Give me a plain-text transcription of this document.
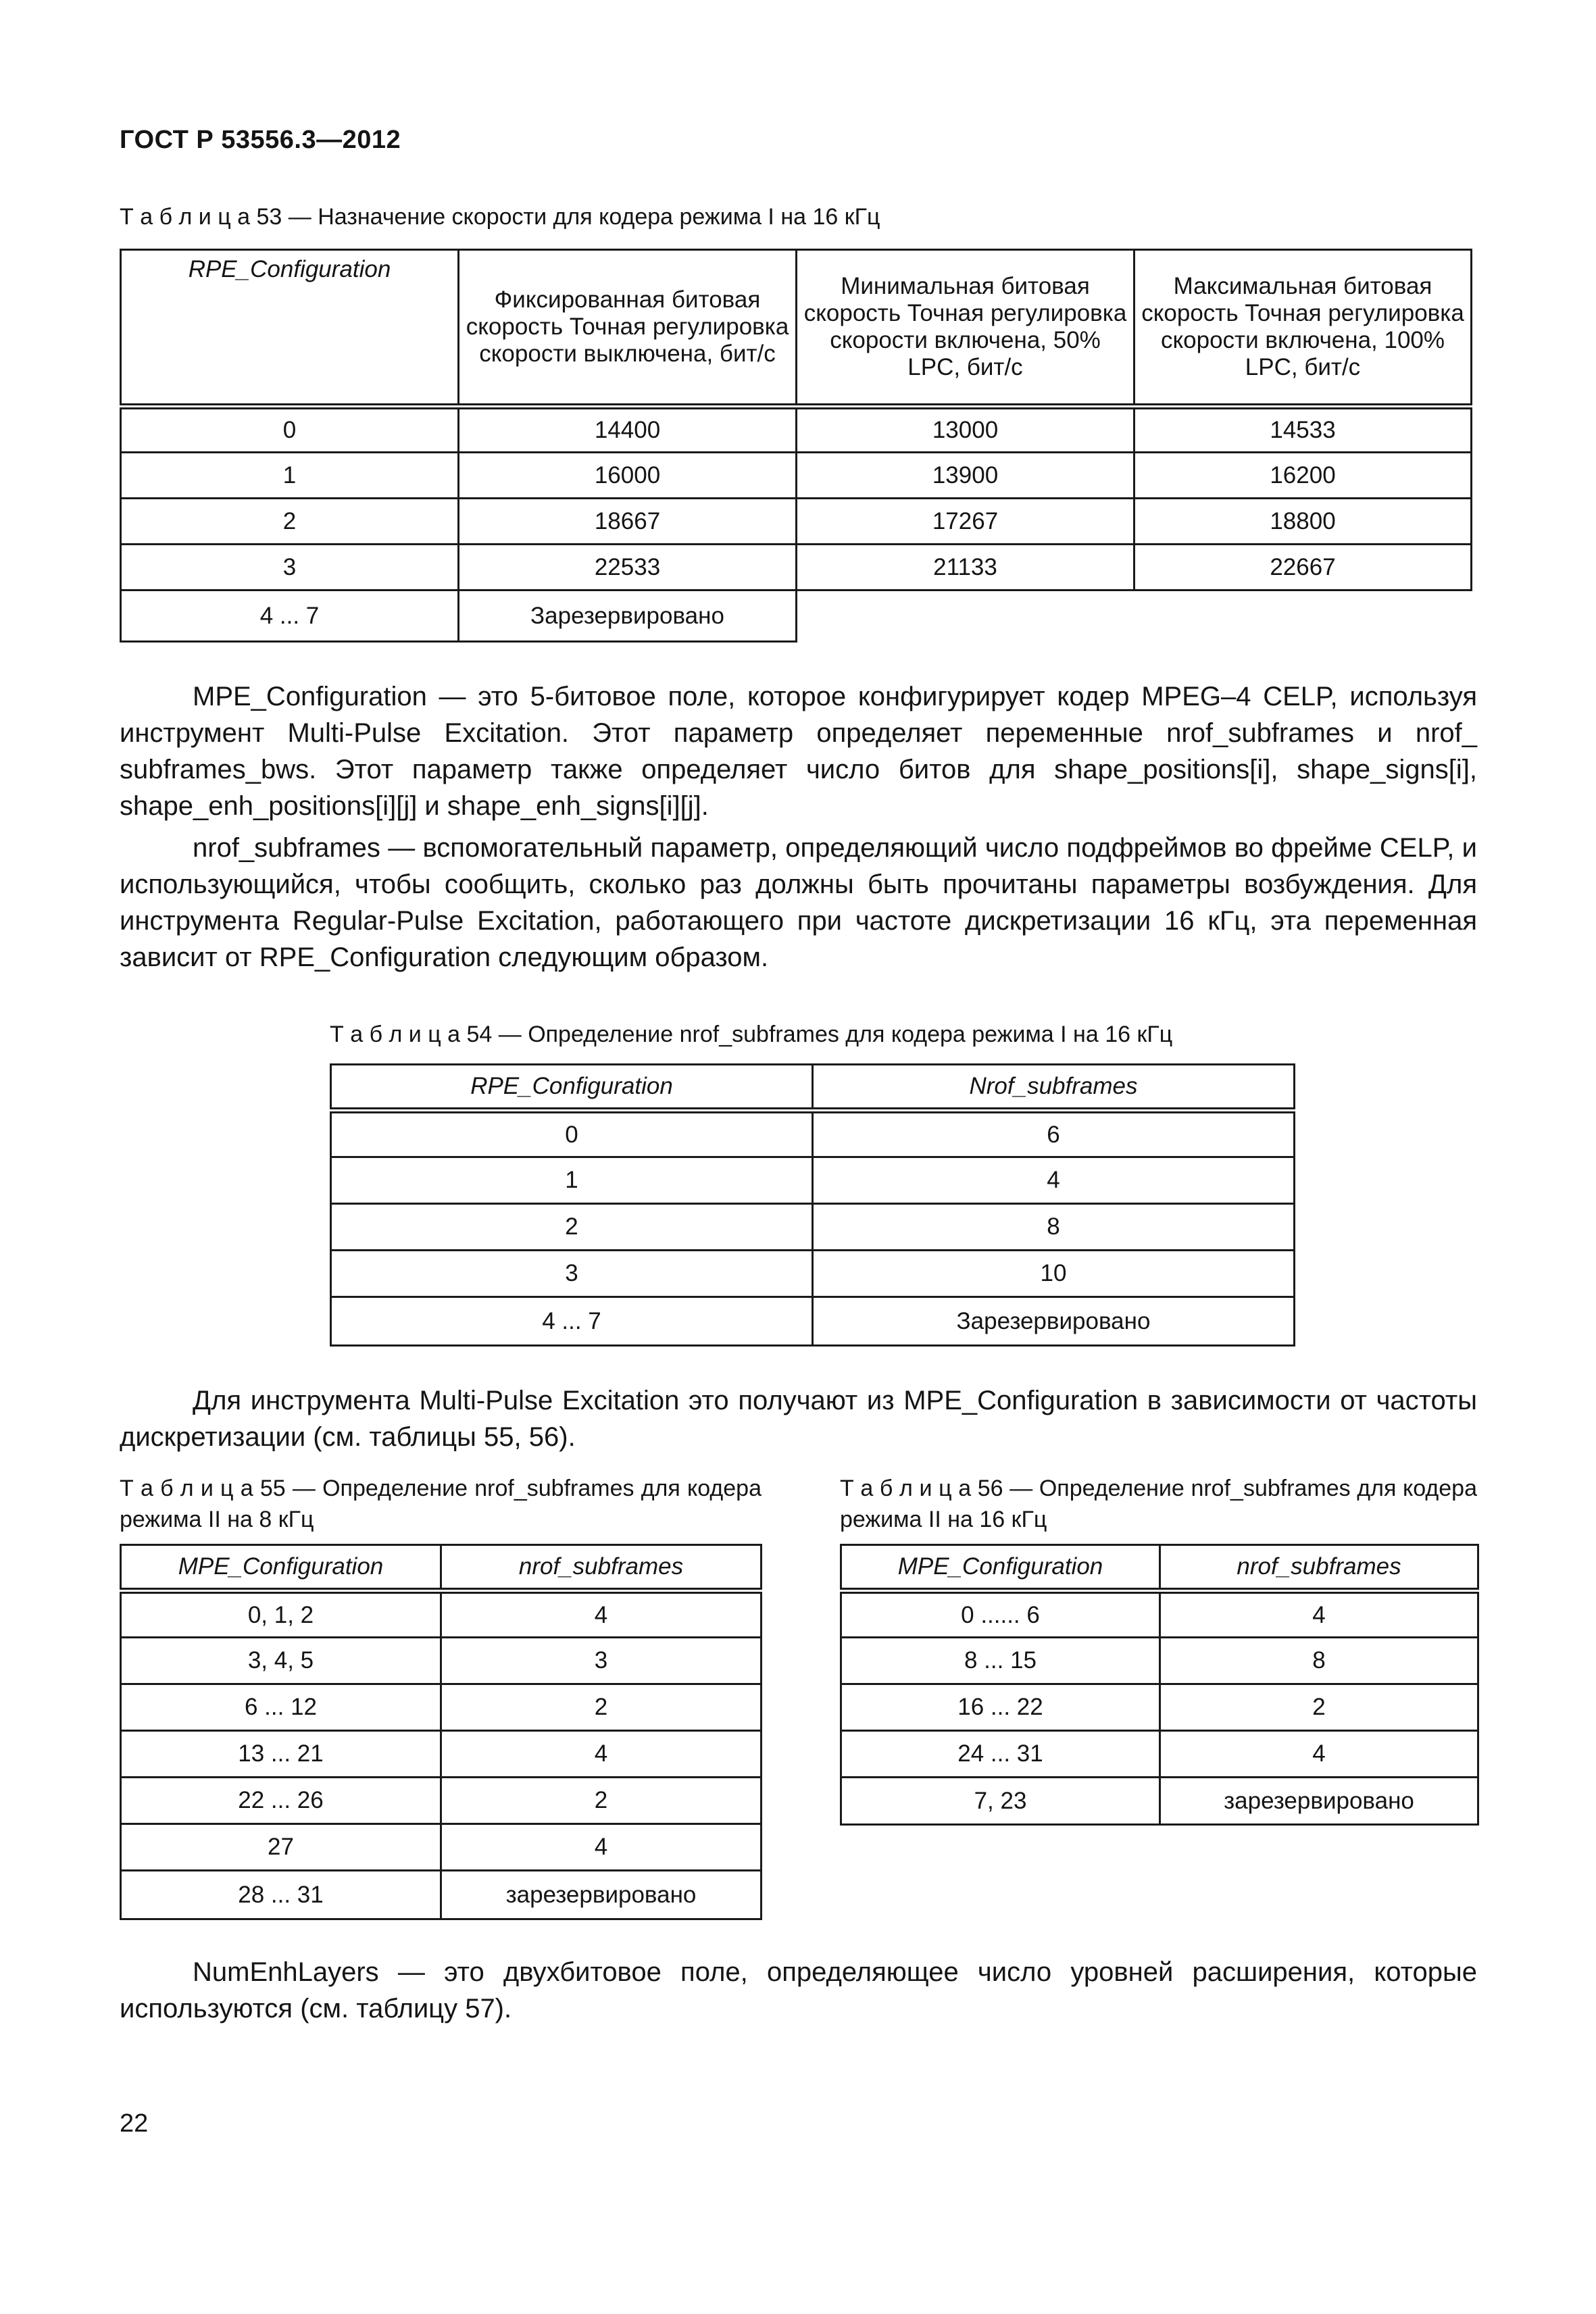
ГОСТ Р 53556.3—2012
Т а б л и ц а 53 — Назначение скорости для кодера режима I на 16 кГц
RPE_Configuration	Фиксированная битовая скорость Точная регулировка скорости выключена, бит/с	Минимальная битовая скорость Точная регулировка скорости включена, 50% LPC, бит/с	Максимальная битовая скорость Точная регулировка скорости включена, 100% LPC, бит/с
0	14400	13000	14533
1	16000	13900	16200
2	18667	17267	18800
3	22533	21133	22667
4 ... 7	Зарезервировано		
MPE_Configuration — это 5-битовое поле, которое конфигурирует кодер MPEG–4 CELP, используя инструмент Multi-Pulse Excitation. Этот параметр определяет переменные nrof_subframes и nrof_ subframes_bws. Этот параметр также определяет число битов для shape_positions[i], shape_signs[i], shape_enh_positions[i][j] и shape_enh_signs[i][j].
nrof_subframes — вспомогательный параметр, определяющий число подфреймов во фрейме CELP, и использующийся, чтобы сообщить, сколько раз должны быть прочитаны параметры возбуждения. Для инструмента Regular-Pulse Excitation, работающего при частоте дискретизации 16 кГц, эта переменная зависит от RPE_Configuration следующим образом.
Т а б л и ц а 54 — Определение nrof_subframes для кодера режима I на 16 кГц
RPE_Configuration	Nrof_subframes
0	6
1	4
2	8
3	10
4 ... 7	Зарезервировано
Для инструмента Multi-Pulse Excitation это получают из MPE_Configuration в зависимости от частоты дискретизации (см. таблицы 55, 56).
Т а б л и ц а 55 — Определение nrof_subframes для кодера режима II на 8 кГц
MPE_Configuration	nrof_subframes
0, 1, 2	4
3, 4, 5	3
6 ... 12	2
13 ... 21	4
22 ... 26	2
27	4
28 ... 31	зарезервировано
Т а б л и ц а 56 — Определение nrof_subframes для кодера режима II на 16 кГц
MPE_Configuration	nrof_subframes
0 ...... 6	4
8 ... 15	8
16 ... 22	2
24 ... 31	4
7, 23	зарезервировано
NumEnhLayers — это двухбитовое поле, определяющее число уровней расширения, которые используются (см. таблицу 57).
22
